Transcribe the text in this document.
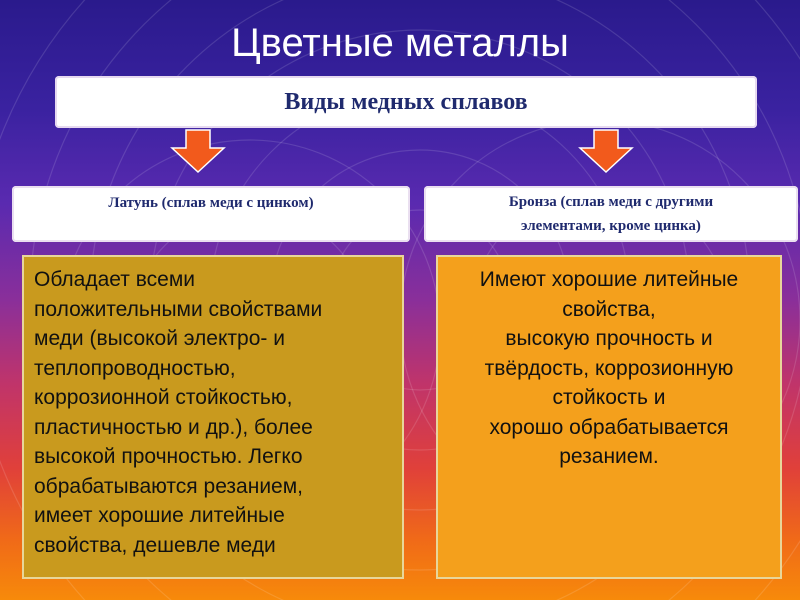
Цветные металлы
Виды медных сплавов
Латунь (сплав меди с цинком)	Бронза (сплав меди с другими
элементами, кроме цинка)
Обладает всеми
положительными свойствами
меди (высокой электро- и
теплопроводностью,
коррозионной стойкостью,
пластичностью и др.), более
высокой прочностью. Легко
обрабатываются резанием,
имеет хорошие литейные
свойства, дешевле меди
Имеют хорошие литейные
свойства,
высокую прочность и
твёрдость, коррозионную
стойкость и
хорошо обрабатывается
резанием.
